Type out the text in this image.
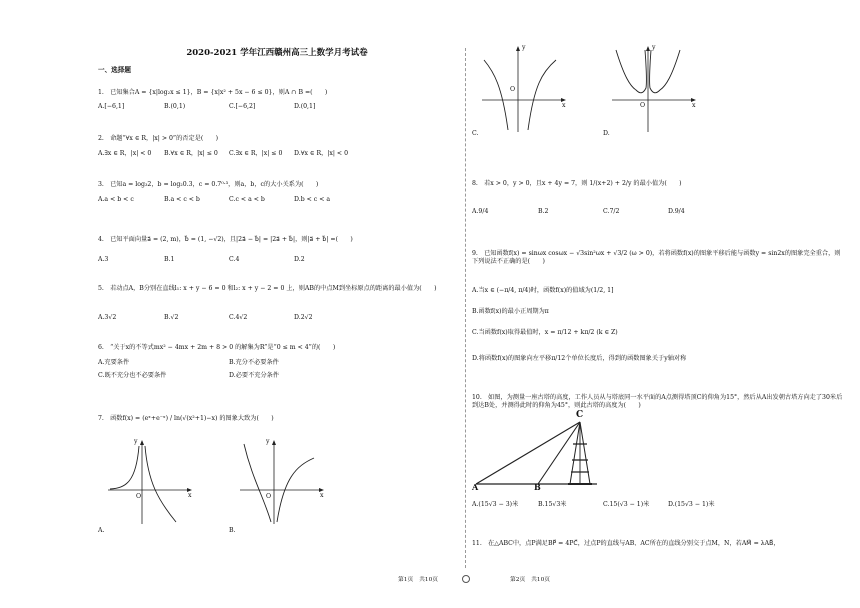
2020-2021 学年江西赣州高三上数学月考试卷
一、选择题
1.　已知集合A = {x|log₂x ≤ 1}，B = {x|x² + 5x − 6 ≤ 0}，则A ∩ B =(　　)
A.[−6,1]	B.(0,1)	C.[−6,2]	D.(0,1]
2.　命题“∀x ∈ R，|x| > 0”的否定是(　　)
A.∃x ∈ R，|x| < 0 B.∀x ∈ R，|x| ≤ 0 C.∃x ∈ R，|x| ≤ 0 D.∀x ∈ R，|x| < 0
3.　已知a = log₃2，b = log₂0.3，c = 0.7⁰·³，则a，b，c的大小关系为(　　)
A.a < b < c	B.a < c < b	C.c < a < b	D.b < c < a
4.　已知平面向量a⃗ = (2, m)，b⃗ = (1, −√2)，且|2a⃗ − b⃗| = |2a⃗ + b⃗|，则|a⃗ + b⃗| =(　　)
A.3	B.1	C.4	D.2
5.　若动点A，B分别在直线l₁: x + y − 6 = 0 和l₂: x + y − 2 = 0 上，则AB的中点M到坐标原点的距离的最小值为(　　)
A.3√2	B.√2	C.4√2	D.2√2
6.　“关于x的不等式mx² − 4mx + 2m + 8 > 0 的解集为R”是“0 ≤ m < 4”的(　　)
A.充要条件	B.充分不必要条件
C.既不充分也不必要条件	D.必要不充分条件
7.　函数f(x) = (eˣ+e⁻ˣ) / ln(√(x²+1)−x) 的图象大致为(　　)
y
O	x
A.
y
O	x
B.
第1页　共10页
y
O
x
C.
y
O	x
D.
8.　若x > 0，y > 0，且x + 4y = 7，则 1/(x+2) + 2/y 的最小值为(　　)
A.9/4	B.2	C.7/2	D.9/4
9.　已知函数f(x) = sinωx cosωx − √3sin²ωx + √3/2 (ω > 0)，若将函数f(x)的图象平移后能与函数y = sin2x的图象完全重合，则下列说法不正确的是(　　)
A.当x ∈ (−π/4, π/4)时，函数f(x)的值域为(1/2, 1]
B.函数f(x)的最小正周期为π
C.当函数f(x)取得最值时，x = π/12 + kπ/2 (k ∈ Z)
D.将函数f(x)的图象向左平移π/12个单位长度后，得到的函数图象关于y轴对称
10.　如图，为测量一座古塔的高度，工作人员从与塔底同一水平面的A点测得塔顶C的仰角为15°，然后从A出发朝古塔方向走了30米后到达B处，并测得此时的仰角为45°，则此古塔的高度为(　　)
A	B
C
A.(15√3 − 3)米	B.15√3米	C.15(√3 − 1)米	D.(15√3 − 1)米
11.　在△ABC中，点P满足BP⃗ = 4PC⃗，过点P的直线与AB、AC所在的直线分别交于点M，N，若AM⃗ = λAB⃗，
第2页　共10页
